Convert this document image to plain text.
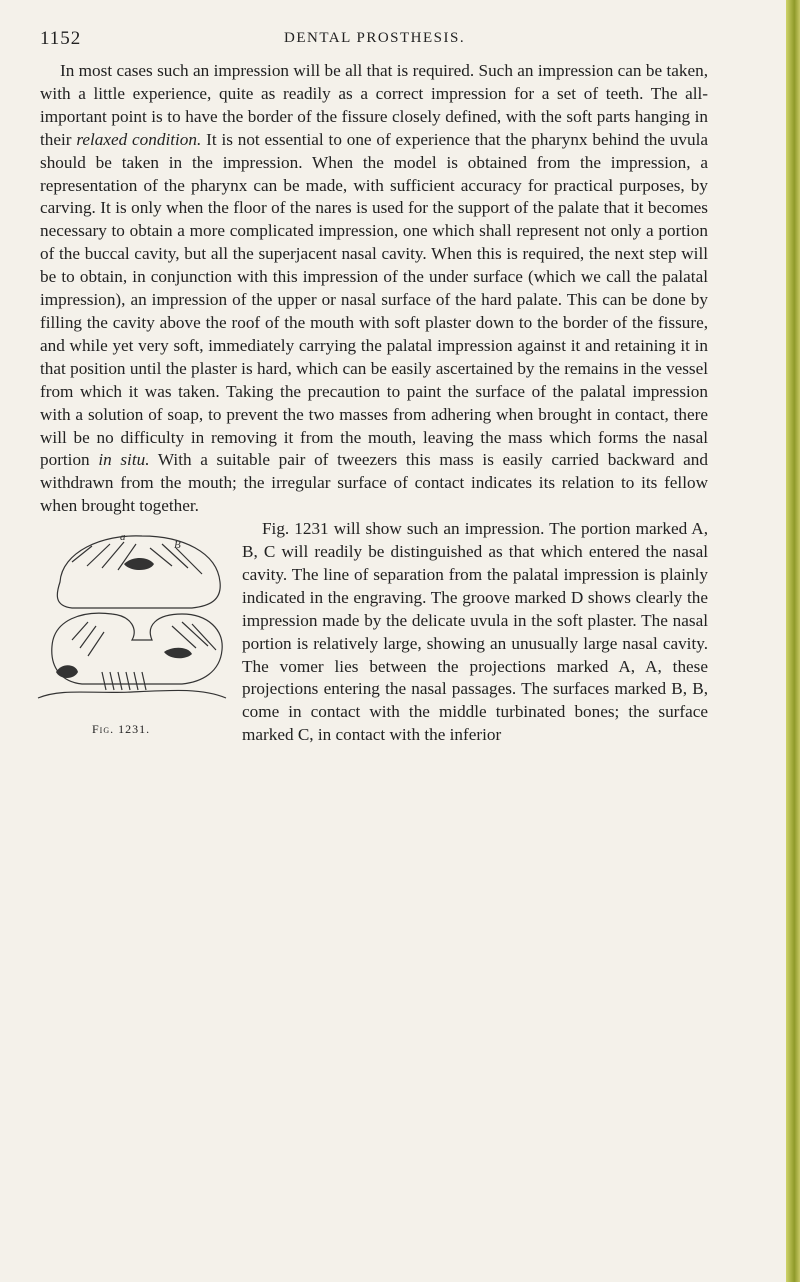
1152	DENTAL PROSTHESIS.

In most cases such an impression will be all that is required. Such an impression can be taken, with a little experience, quite as readily as a correct impression for a set of teeth. The all-important point is to have the border of the fissure closely defined, with the soft parts hanging in their relaxed condition. It is not essential to one of experience that the pharynx behind the uvula should be taken in the impression. When the model is obtained from the impression, a representation of the pharynx can be made, with sufficient accuracy for practical purposes, by carving. It is only when the floor of the nares is used for the support of the palate that it becomes necessary to obtain a more complicated impression, one which shall represent not only a portion of the buccal cavity, but all the superjacent nasal cavity. When this is required, the next step will be to obtain, in conjunction with this impression of the under surface (which we call the palatal impression), an impression of the upper or nasal surface of the hard palate. This can be done by filling the cavity above the roof of the mouth with soft plaster down to the border of the fissure, and while yet very soft, immediately carrying the palatal impression against it and retaining it in that position until the plaster is hard, which can be easily ascertained by the remains in the vessel from which it was taken. Taking the precaution to paint the surface of the palatal impression with a solution of soap, to prevent the two masses from adhering when brought in contact, there will be no difficulty in removing it from the mouth, leaving the mass which forms the nasal portion in situ. With a suitable pair of tweezers this mass is easily carried backward and withdrawn from the mouth; the irregular surface of contact indicates its relation to its fellow when brought together.

a
B
Fig. 1231.
Fig. 1231 will show such an impression. The portion marked A, B, C will readily be distinguished as that which entered the nasal cavity. The line of separation from the palatal impression is plainly indicated in the engraving. The groove marked D shows clearly the impression made by the delicate uvula in the soft plaster. The nasal portion is relatively large, showing an unusually large nasal cavity. The vomer lies between the projections marked A, A, these projections entering the nasal passages. The surfaces marked B, B, come in contact with the middle turbinated bones; the surface marked C, in contact with the inferior
